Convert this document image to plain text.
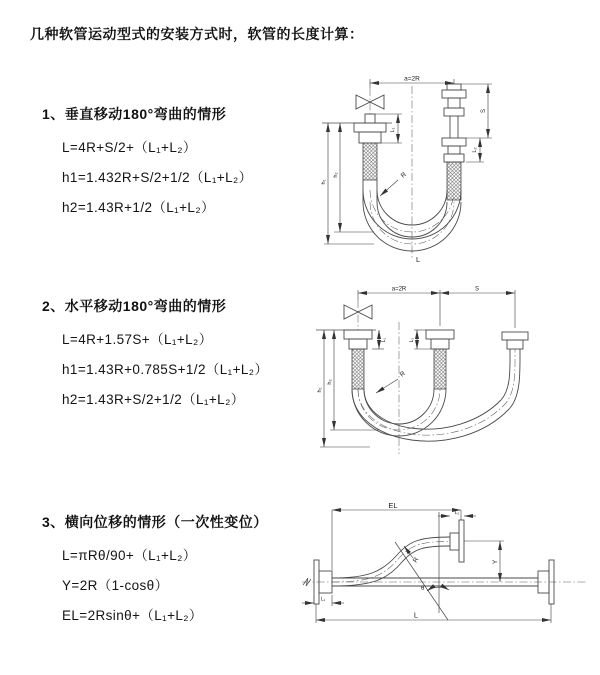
几种软管运动型式的安装方式时，软管的长度计算：
1、垂直移动180°弯曲的情形

L=4R+S/2+（L₁+L₂）

h1=1.432R+S/2+1/2（L₁+L₂）

h2=1.43R+1/2（L₁+L₂）

a=2R
L₁
h₁
h₂
S
L₂
R
L
2、水平移动180°弯曲的情形

L=4R+1.57S+（L₁+L₂）

h1=1.43R+0.785S+1/2（L₁+L₂）

h2=1.43R+S/2+1/2（L₁+L₂）

a=2R	S
h₁
h₂
L₁	L₂
R
3、横向位移的情形（一次性变位）

L=πRθ/90+（L₁+L₂）

Y=2R（1-cosθ）

EL=2Rsinθ+（L₁+L₂）

θ
EL
L₂
Y
L
L₁
R
